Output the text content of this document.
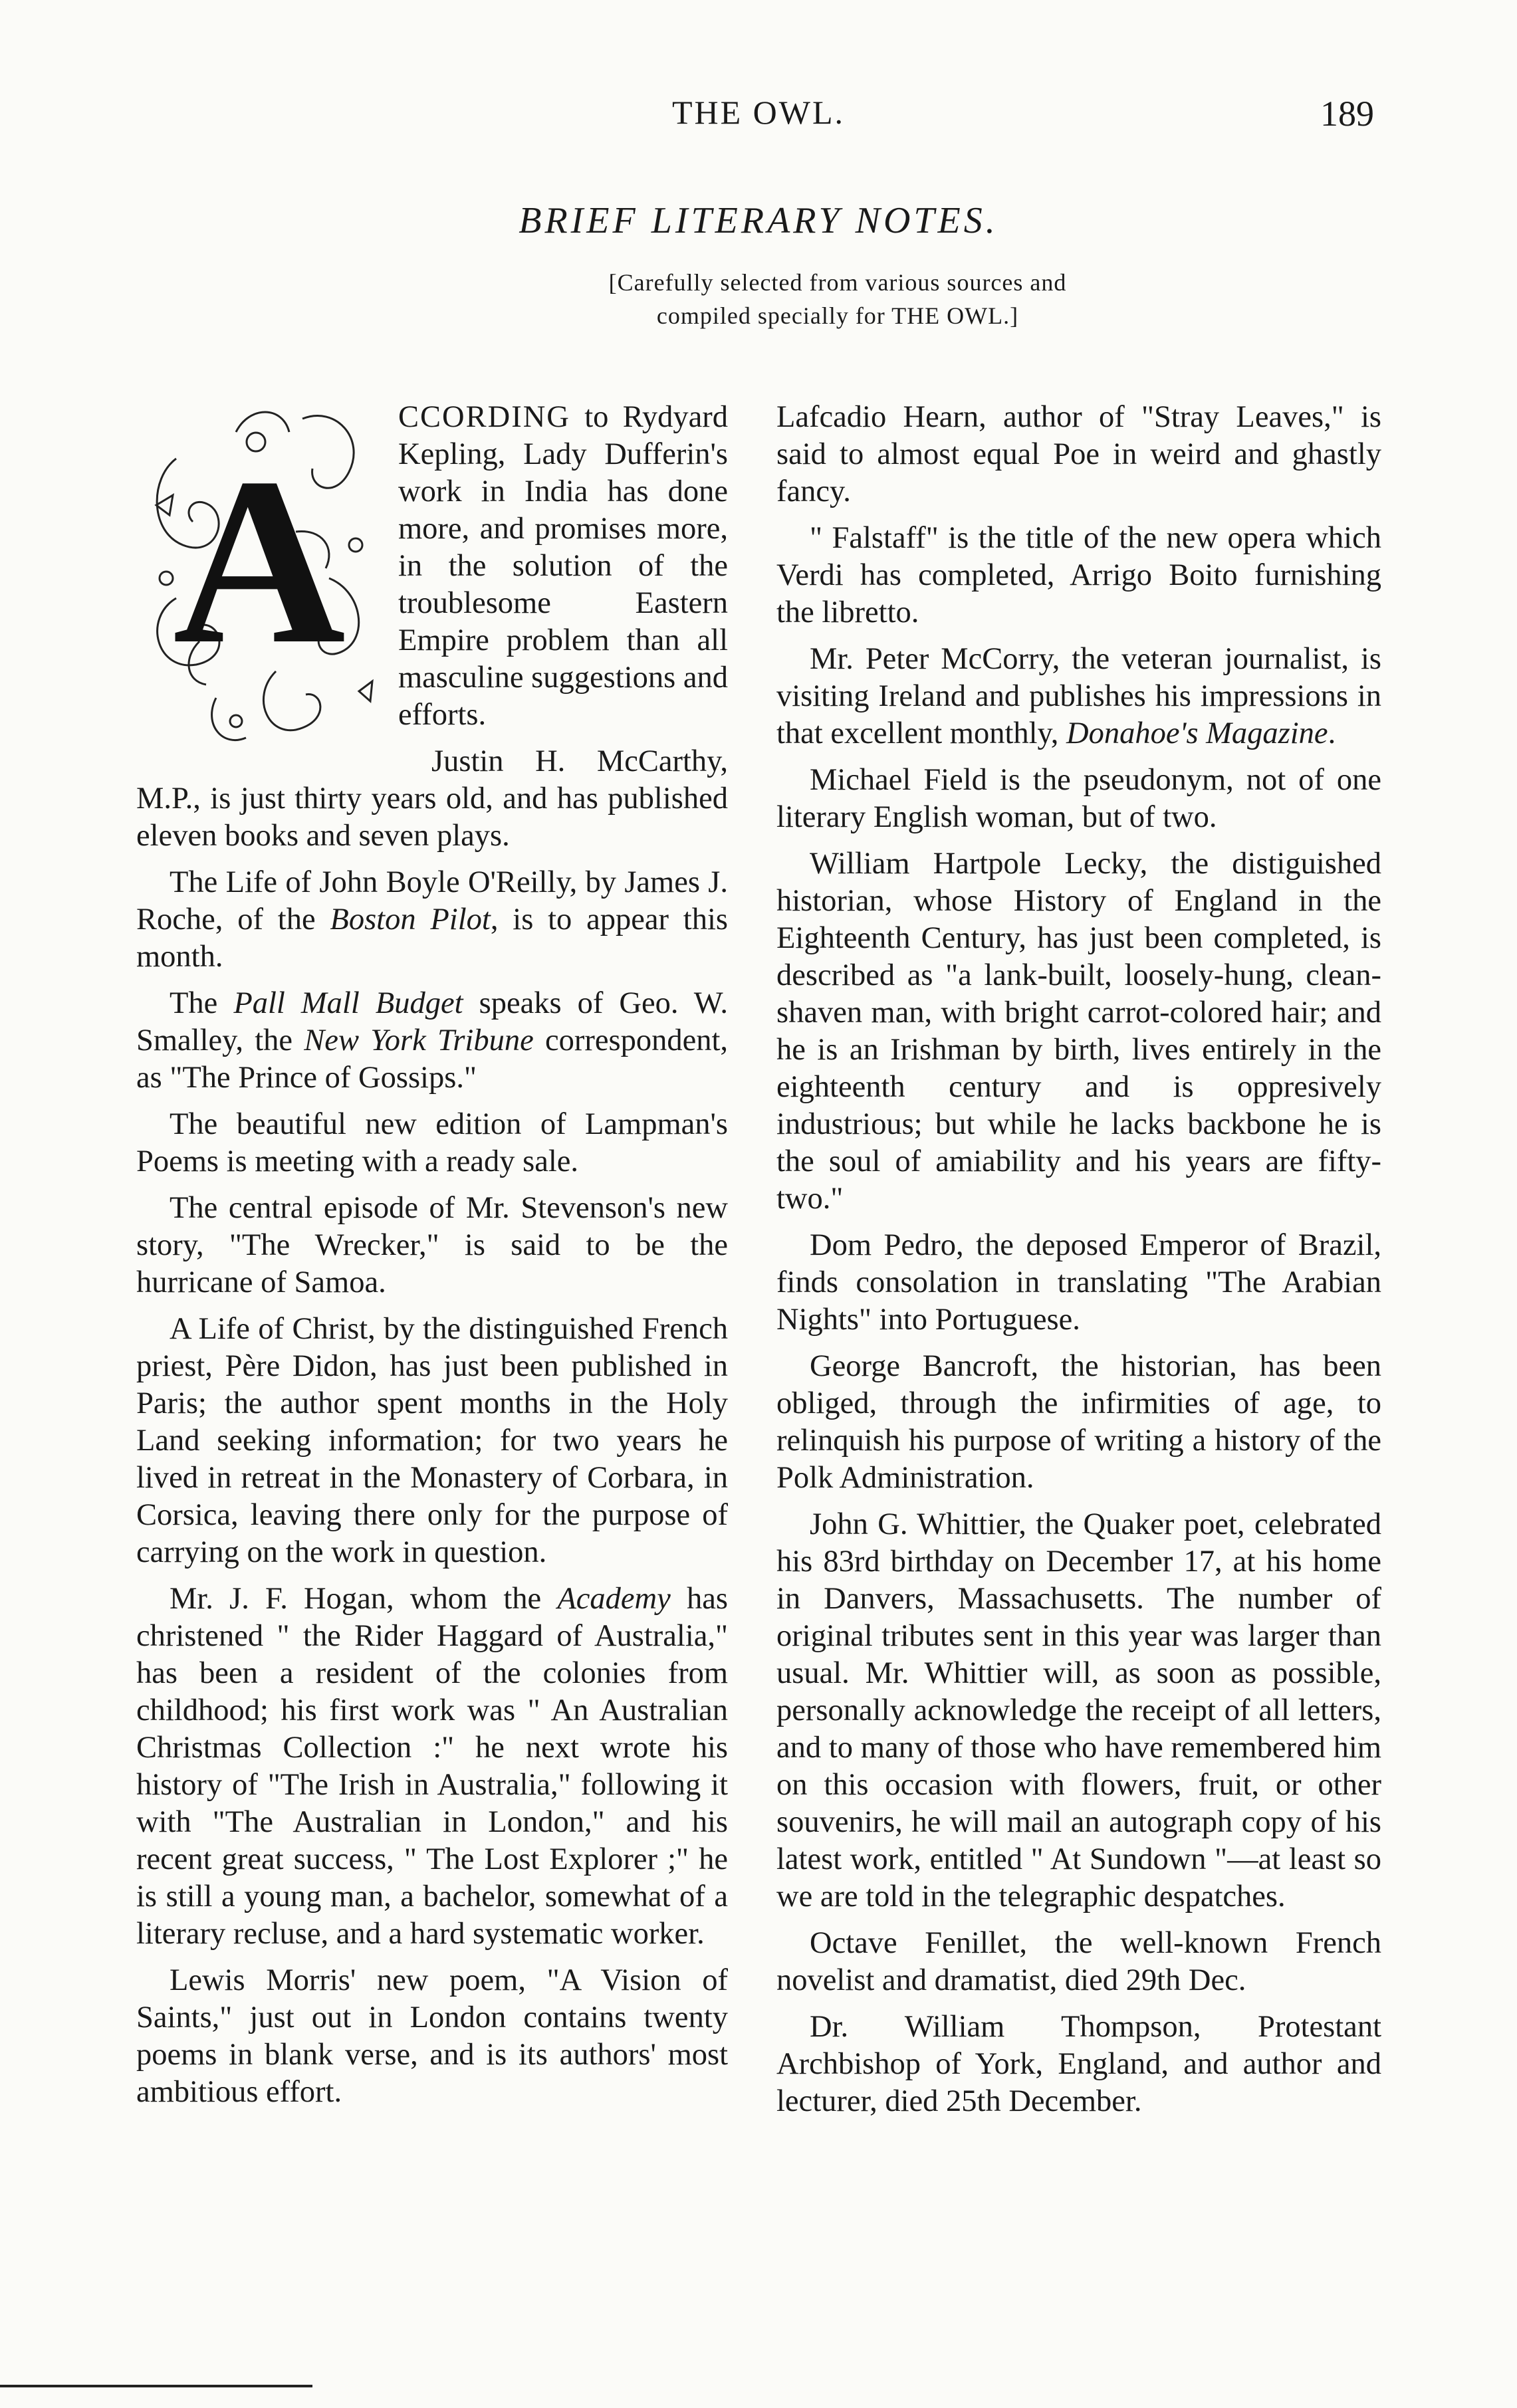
THE OWL.	189
BRIEF LITERARY NOTES.
[Carefully selected from various sources and compiled specially for THE OWL.]
A

CCORDING to Rydyard Kepling, Lady Dufferin's work in India has done more, and promises more, in the solution of the troublesome Eastern Empire problem than all masculine suggestions and efforts.

Justin H. McCarthy, M.P., is just thirty years old, and has published eleven books and seven plays.

The Life of John Boyle O'Reilly, by James J. Roche, of the Boston Pilot, is to appear this month.

The Pall Mall Budget speaks of Geo. W. Smalley, the New York Tribune correspondent, as "The Prince of Gossips."

The beautiful new edition of Lampman's Poems is meeting with a ready sale.

The central episode of Mr. Stevenson's new story, "The Wrecker," is said to be the hurricane of Samoa.

A Life of Christ, by the distinguished French priest, Père Didon, has just been published in Paris; the author spent months in the Holy Land seeking information; for two years he lived in retreat in the Monastery of Corbara, in Corsica, leaving there only for the purpose of carrying on the work in question.

Mr. J. F. Hogan, whom the Academy has christened " the Rider Haggard of Australia," has been a resident of the colonies from childhood; his first work was " An Australian Christmas Collection :" he next wrote his history of "The Irish in Australia," following it with "The Australian in London," and his recent great success, " The Lost Explorer ;" he is still a young man, a bachelor, somewhat of a literary recluse, and a hard systematic worker.

Lewis Morris' new poem, "A Vision of Saints," just out in London contains twenty poems in blank verse, and is its authors' most ambitious effort.

Lafcadio Hearn, author of "Stray Leaves," is said to almost equal Poe in weird and ghastly fancy.

" Falstaff" is the title of the new opera which Verdi has completed, Arrigo Boito furnishing the libretto.

Mr. Peter McCorry, the veteran journalist, is visiting Ireland and publishes his impressions in that excellent monthly, Donahoe's Magazine.

Michael Field is the pseudonym, not of one literary English woman, but of two.

William Hartpole Lecky, the distiguished historian, whose History of England in the Eighteenth Century, has just been completed, is described as "a lank-built, loosely-hung, clean-shaven man, with bright carrot-colored hair; and he is an Irishman by birth, lives entirely in the eighteenth century and is oppresively industrious; but while he lacks backbone he is the soul of amiability and his years are fifty-two."

Dom Pedro, the deposed Emperor of Brazil, finds consolation in translating "The Arabian Nights" into Portuguese.

George Bancroft, the historian, has been obliged, through the infirmities of age, to relinquish his purpose of writing a history of the Polk Administration.

John G. Whittier, the Quaker poet, celebrated his 83rd birthday on December 17, at his home in Danvers, Massachusetts. The number of original tributes sent in this year was larger than usual. Mr. Whittier will, as soon as possible, personally acknowledge the receipt of all letters, and to many of those who have remembered him on this occasion with flowers, fruit, or other souvenirs, he will mail an autograph copy of his latest work, entitled " At Sundown "—at least so we are told in the telegraphic despatches.

Octave Fenillet, the well-known French novelist and dramatist, died 29th Dec.

Dr. William Thompson, Protestant Archbishop of York, England, and author and lecturer, died 25th December.
